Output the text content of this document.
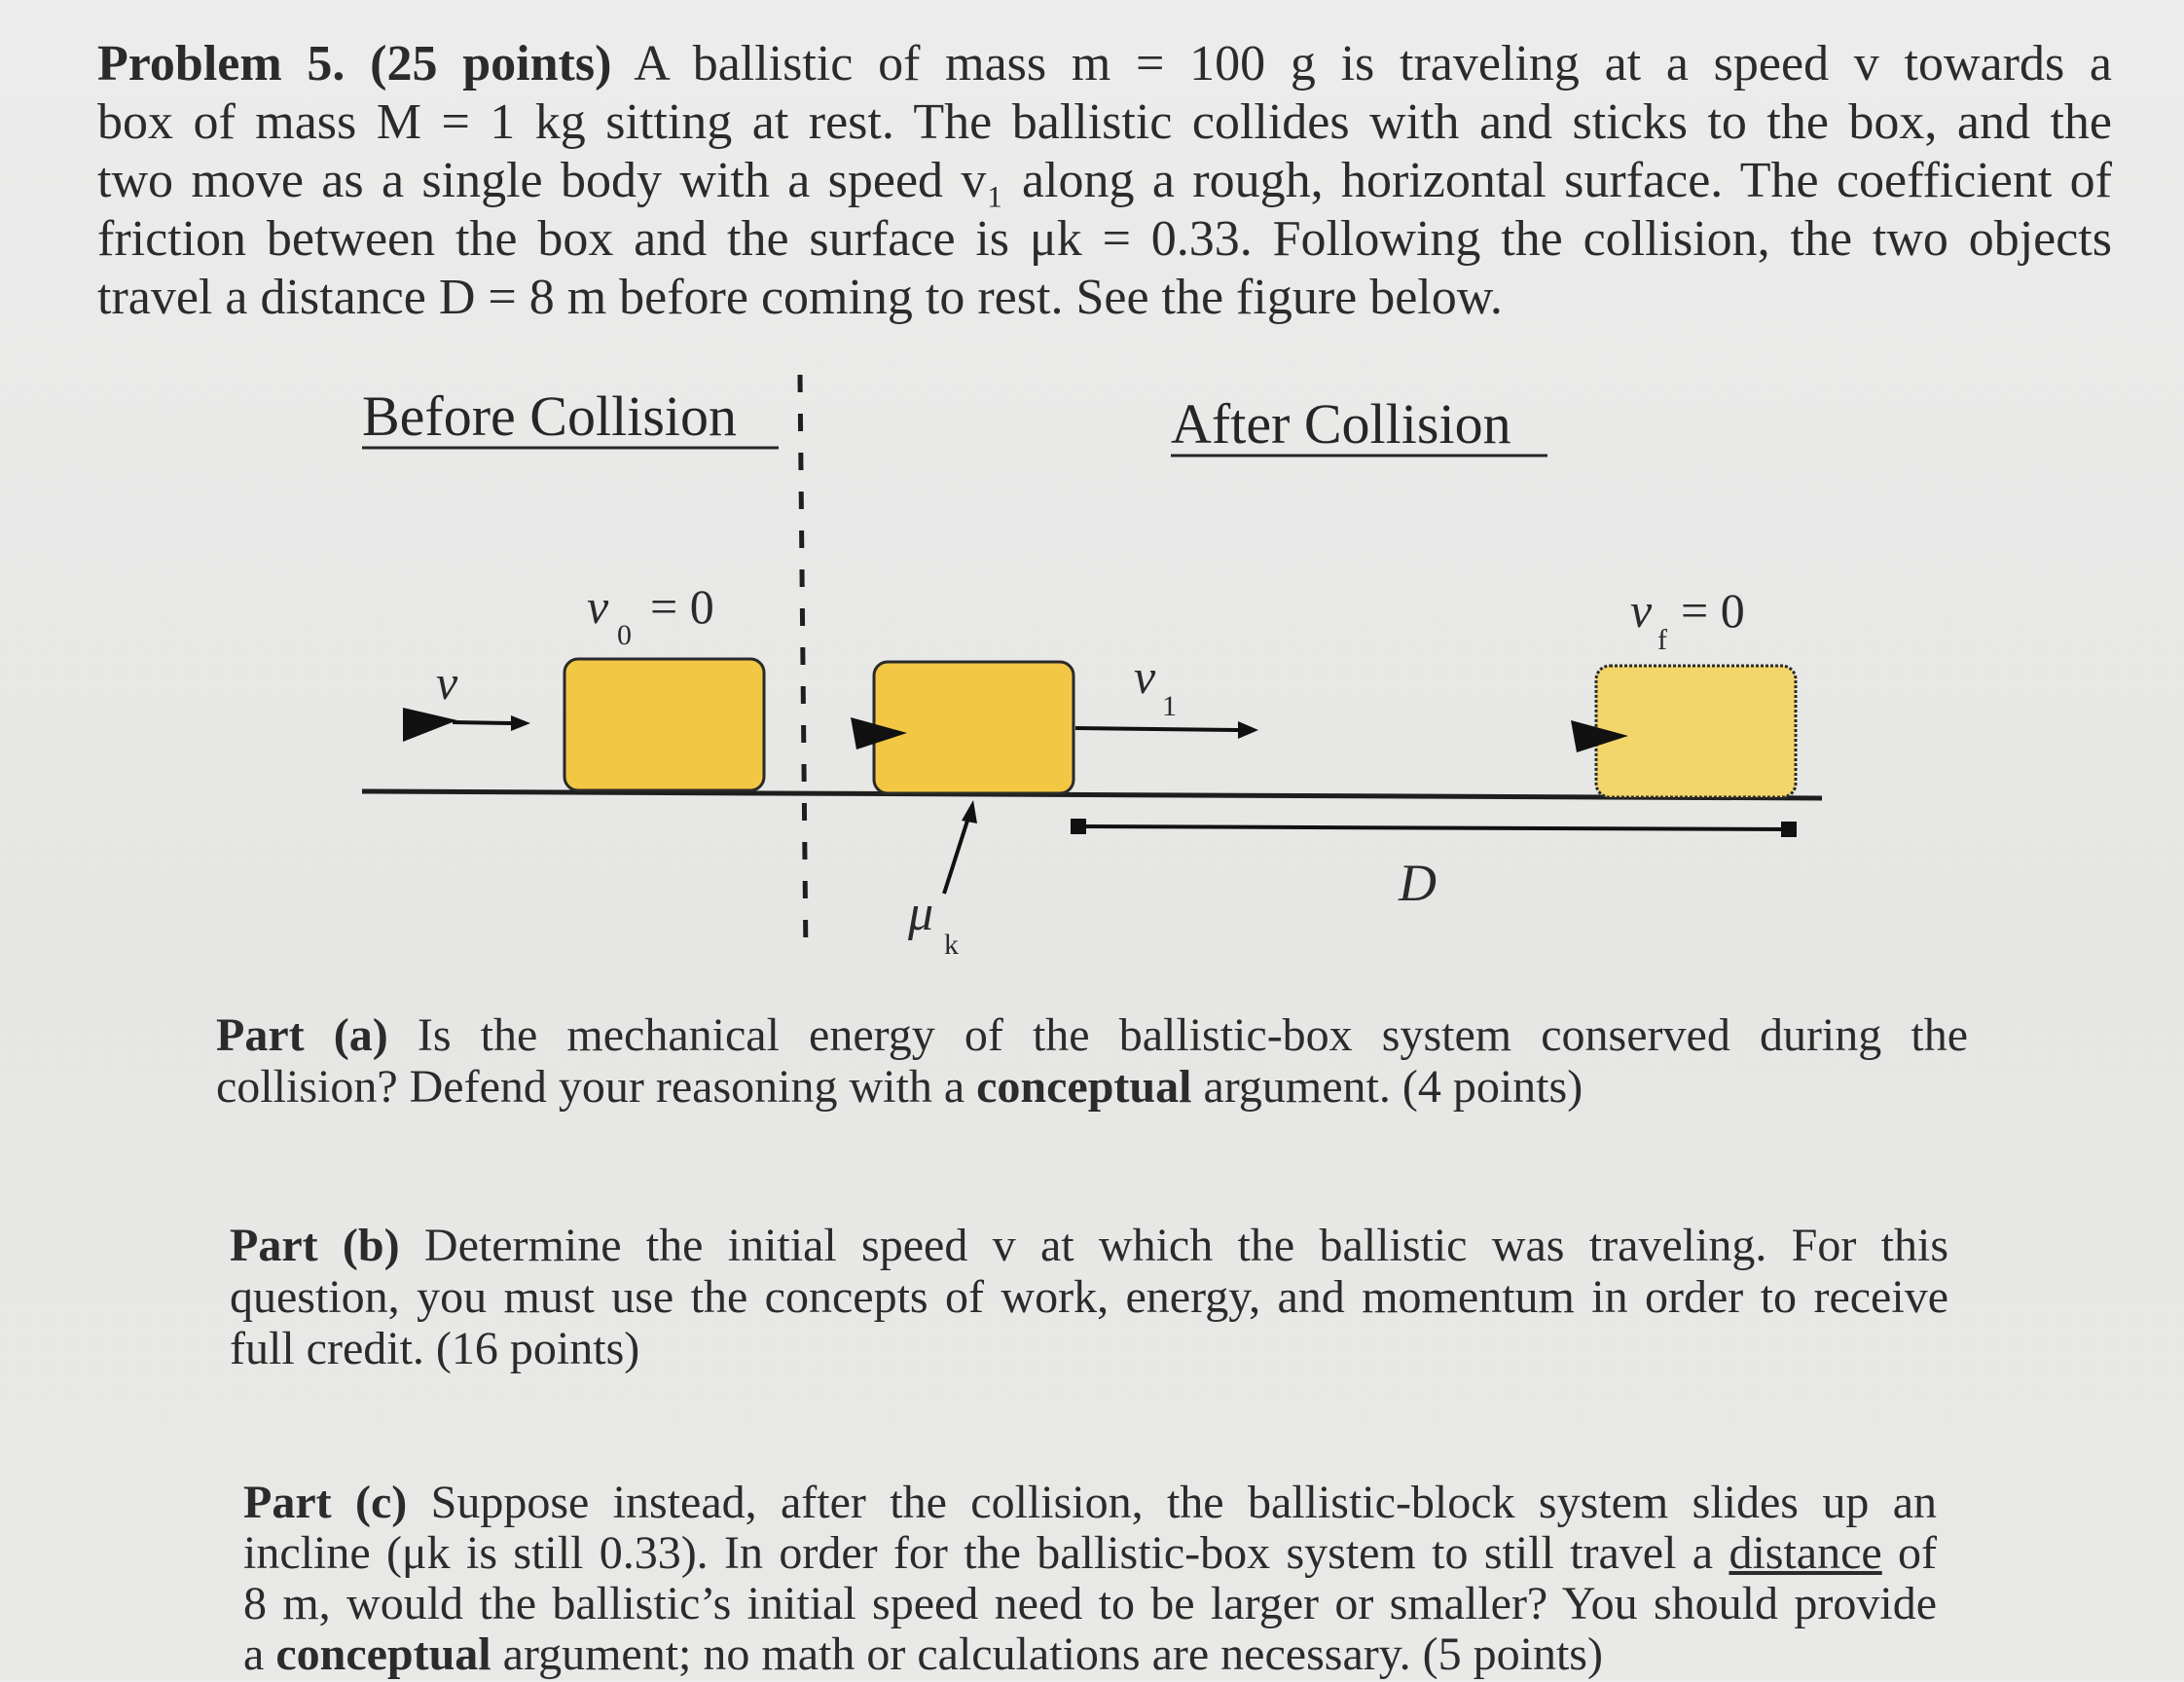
Problem 5. (25 points) A ballistic of mass m = 100 g is traveling at a speed v towards a
box of mass M = 1 kg sitting at rest. The ballistic collides with and sticks to the box, and the
two move as a single body with a speed v₁ along a rough, horizontal surface. The coefficient of
friction between the box and the surface is μk = 0.33. Following the collision, the two objects
travel a distance D = 8 m before coming to rest. See the figure below.
Before Collision	After Collision
v
v
0
= 0
v
1
μ
k
v
f
= 0
D
Part (a) Is the mechanical energy of the ballistic-box system conserved during the
collision? Defend your reasoning with a conceptual argument. (4 points)
Part (b) Determine the initial speed v at which the ballistic was traveling. For this
question, you must use the concepts of work, energy, and momentum in order to receive
full credit. (16 points)
Part (c) Suppose instead, after the collision, the ballistic-block system slides up an
incline (μk is still 0.33). In order for the ballistic-box system to still travel a distance of
8 m, would the ballistic’s initial speed need to be larger or smaller? You should provide
a conceptual argument; no math or calculations are necessary. (5 points)
